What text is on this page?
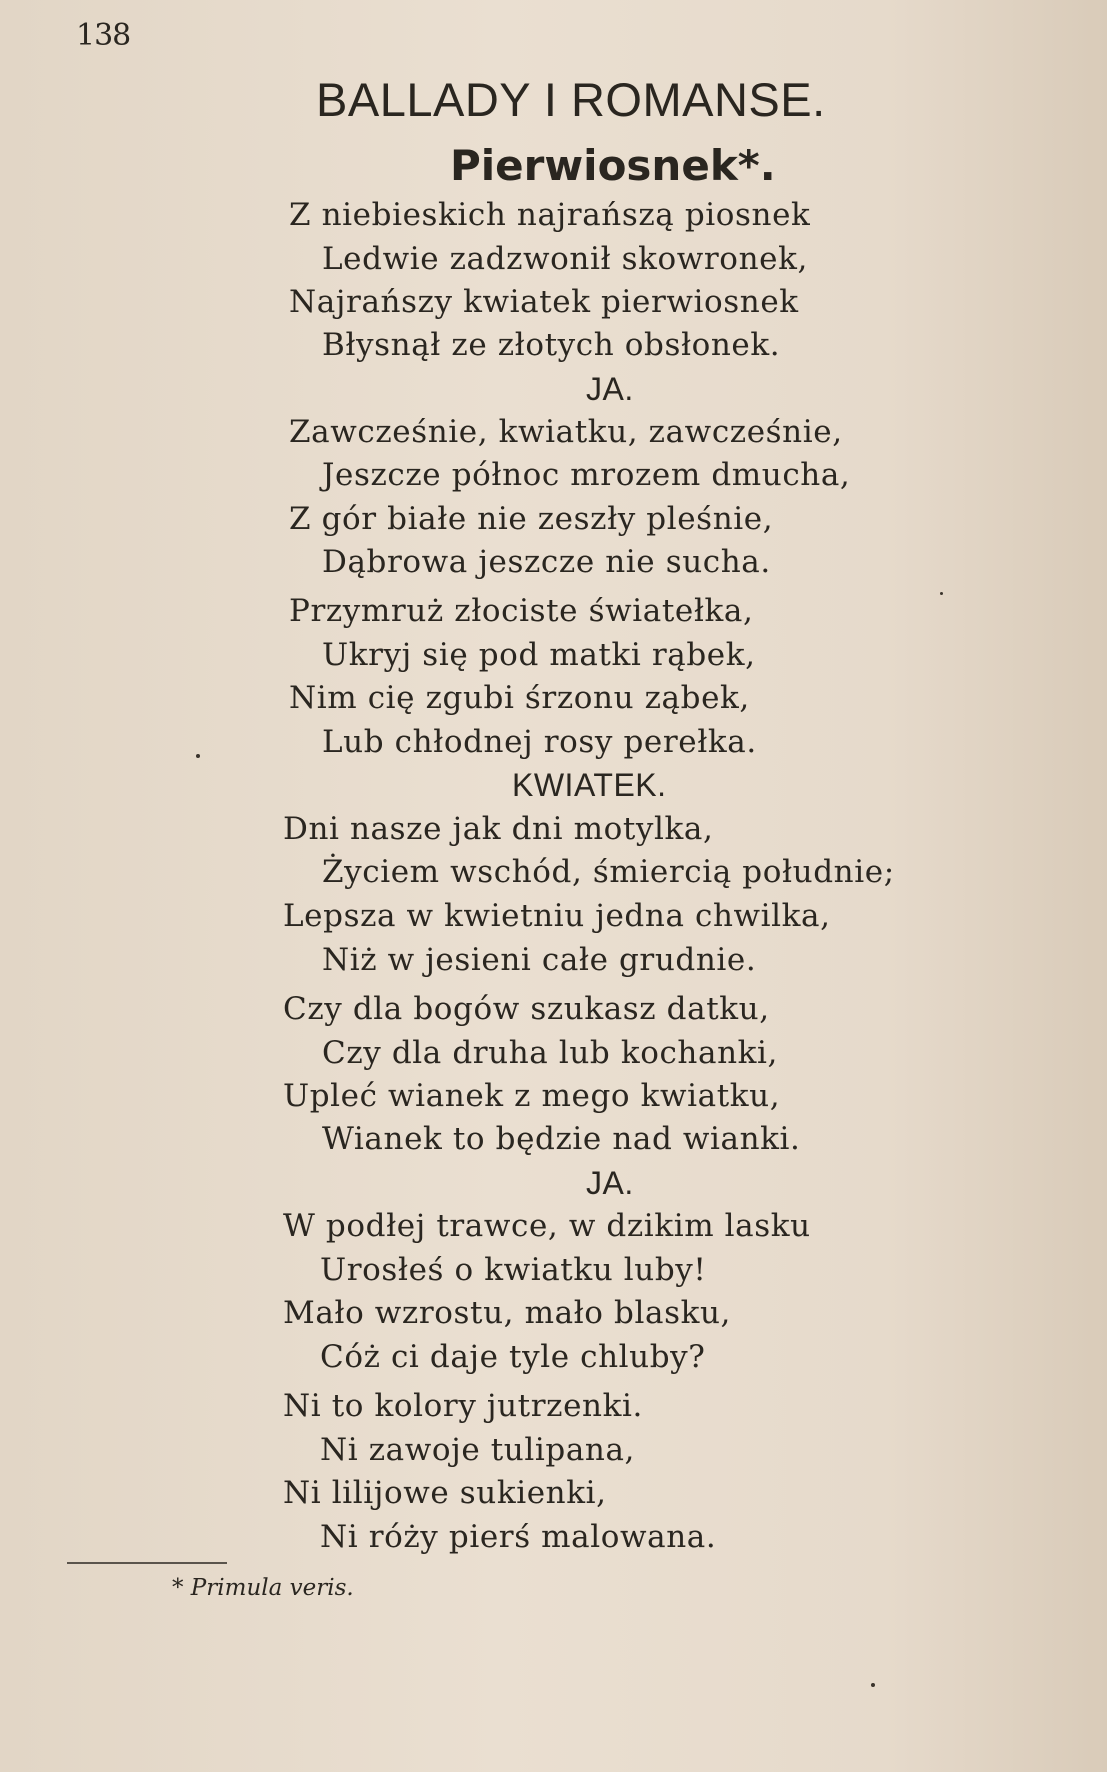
138
BALLADY I ROMANSE.
Pierwiosnek*.
Z niebieskich najrańszą piosnek
Ledwie zadzwonił skowronek,
Najrańszy kwiatek pierwiosnek
Błysnął ze złotych obsłonek.
JA.
Zawcześnie, kwiatku, zawcześnie,
Jeszcze północ mrozem dmucha,
Z gór białe nie zeszły pleśnie,
Dąbrowa jeszcze nie sucha.
Przymruż złociste światełka,
Ukryj się pod matki rąbek,
Nim cię zgubi śrzonu ząbek,
Lub chłodnej rosy perełka.
KWIATEK.
Dni nasze jak dni motylka,
Życiem wschód, śmiercią południe;
Lepsza w kwietniu jedna chwilka,
Niż w jesieni całe grudnie.
Czy dla bogów szukasz datku,
Czy dla druha lub kochanki,
Upleć wianek z mego kwiatku,
Wianek to będzie nad wianki.
JA.
W podłej trawce, w dzikim lasku
Urosłeś o kwiatku luby!
Mało wzrostu, mało blasku,
Cóż ci daje tyle chluby?
Ni to kolory jutrzenki.
Ni zawoje tulipana,
Ni lilijowe sukienki,
Ni róży pierś malowana.
* Primula veris.
